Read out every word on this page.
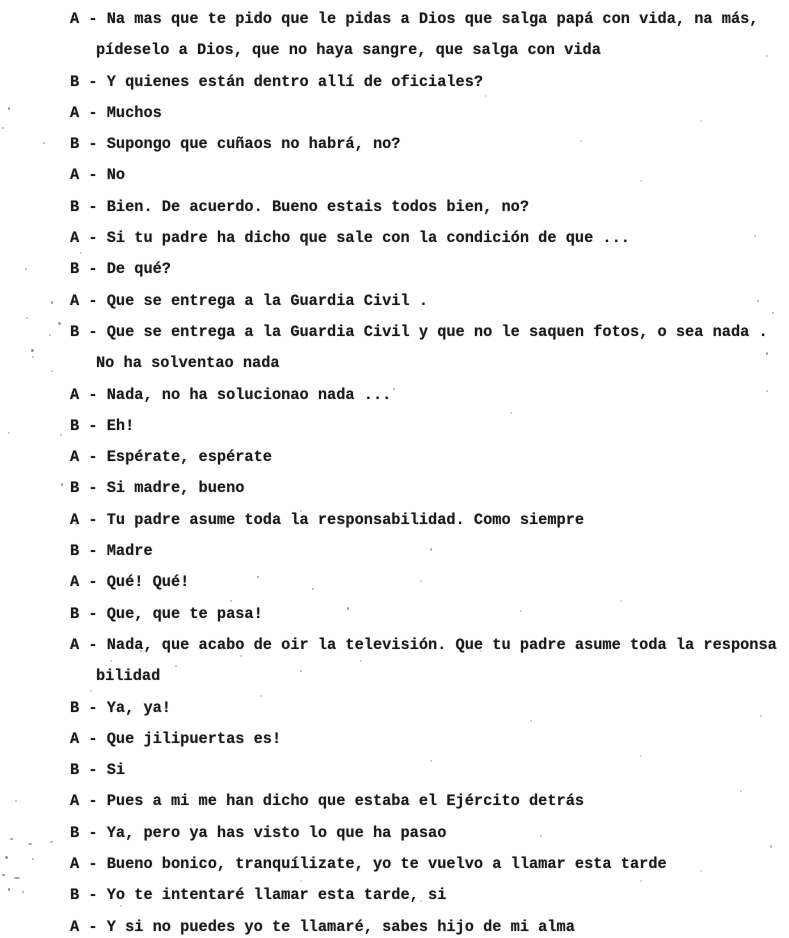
A - Na mas que te pido que le pidas a Dios que salga papá con vida, na más,
pídeselo a Dios, que no haya sangre, que salga con vida
B - Y quienes están dentro allí de oficiales?
A - Muchos
B - Supongo que cuñaos no habrá, no?
A - No
B - Bien. De acuerdo. Bueno estais todos bien, no?
A - Si tu padre ha dicho que sale con la condición de que ...
B - De qué?
A - Que se entrega a la Guardia Civil .
B - Que se entrega a la Guardia Civil y que no le saquen fotos, o sea nada .
No ha solventao nada
A - Nada, no ha solucionao nada ...
B - Eh!
A - Espérate, espérate
B - Si madre, bueno
A - Tu padre asume toda la responsabilidad. Como siempre
B - Madre
A - Qué! Qué!
B - Que, que te pasa!
A - Nada, que acabo de oir la televisión. Que tu padre asume toda la responsa
bilidad
B - Ya, ya!
A - Que jilipuertas es!
B - Si
A - Pues a mi me han dicho que estaba el Ejército detrás
B - Ya, pero ya has visto lo que ha pasao
A - Bueno bonico, tranquílizate, yo te vuelvo a llamar esta tarde
B - Yo te intentaré llamar esta tarde, si
A - Y si no puedes yo te llamaré, sabes hijo de mi alma
